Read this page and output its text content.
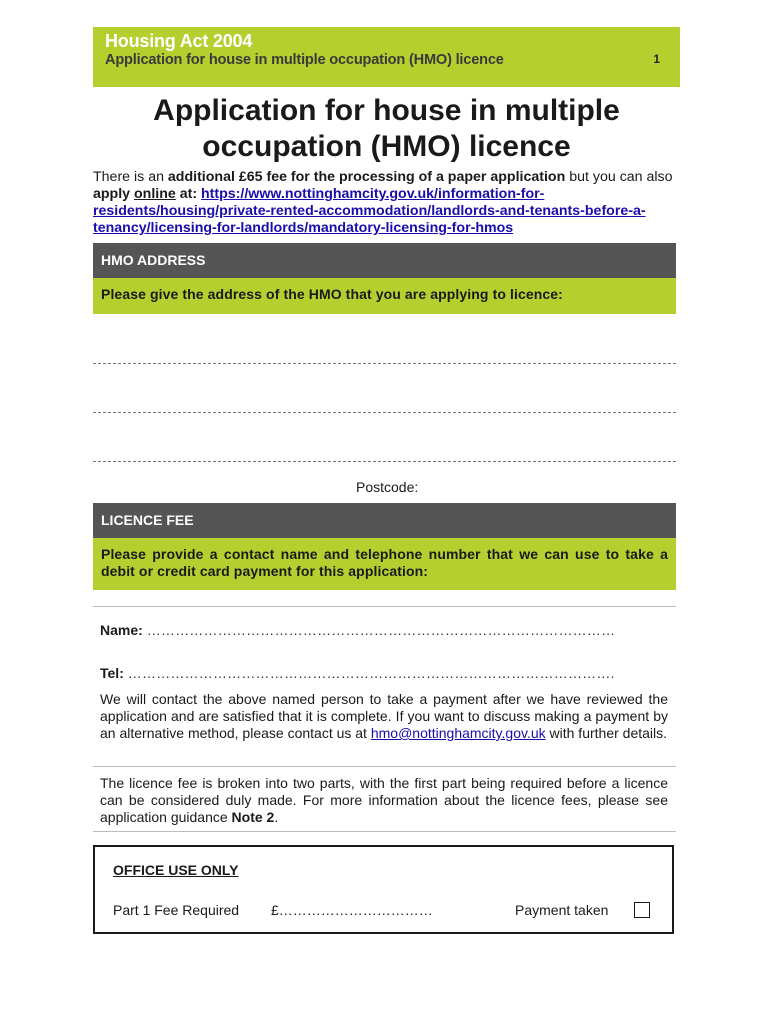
Housing Act 2004
Application for house in multiple occupation (HMO) licence	1
Application for house in multiple
occupation (HMO) licence
There is an additional £65 fee for the processing of a paper application but you can also apply online at: https://www.nottinghamcity.gov.uk/information-for-residents/housing/private-rented-accommodation/landlords-and-tenants-before-a-tenancy/licensing-for-landlords/mandatory-licensing-for-hmos
HMO ADDRESS
Please give the address of the HMO that you are applying to licence:
Postcode:
LICENCE FEE
Please provide a contact name and telephone number that we can use to take a debit or credit card payment for this application:
Name: ………………………………………………………………………………………
Tel: ………………………………………………………………………………………….
We will contact the above named person to take a payment after we have reviewed the application and are satisfied that it is complete. If you want to discuss making a payment by an alternative method, please contact us at hmo@nottinghamcity.gov.uk with further details.
The licence fee is broken into two parts, with the first part being required before a licence can be considered duly made. For more information about the licence fees, please see application guidance Note 2.
OFFICE USE ONLY
Part 1 Fee Required £……………………………	Payment taken
